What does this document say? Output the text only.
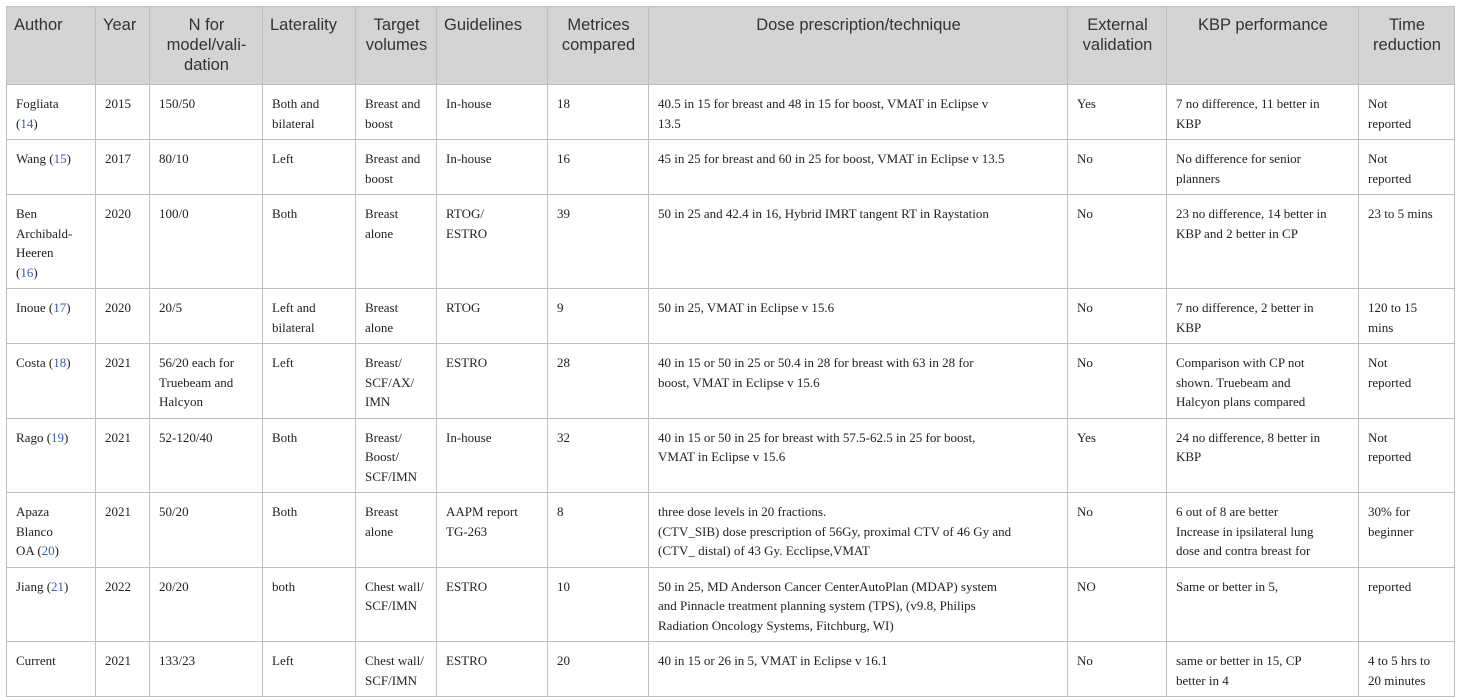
Author	Year	N for model/vali- dation	Laterality	Target volumes	Guidelines	Metrices compared	Dose prescription/technique	External validation	KBP performance	Time reduction

Fogliata
(14)	2015	150/50	Both and
bilateral	Breast and
boost	In-house	18	40.5 in 15 for breast and 48 in 15 for boost, VMAT in Eclipse v
13.5	Yes	7 no difference, 11 better in
KBP	Not
reported

Wang (15)	2017	80/10	Left	Breast and
boost	In-house	16	45 in 25 for breast and 60 in 25 for boost, VMAT in Eclipse v 13.5	No	No difference for senior
planners	Not
reported

Ben
Archibald-
Heeren
(16)	2020	100/0	Both	Breast
alone	RTOG/
ESTRO	39	50 in 25 and 42.4 in 16, Hybrid IMRT tangent RT in Raystation	No	23 no difference, 14 better in
KBP and 2 better in CP	23 to 5 mins

Inoue (17)	2020	20/5	Left and
bilateral	Breast
alone	RTOG	9	50 in 25, VMAT in Eclipse v 15.6	No	7 no difference, 2 better in
KBP	120 to 15
mins

Costa (18)	2021	56/20 each for
Truebeam and
Halcyon	Left	Breast/
SCF/AX/
IMN	ESTRO	28	40 in 15 or 50 in 25 or 50.4 in 28 for breast with 63 in 28 for
boost, VMAT in Eclipse v 15.6	No	Comparison with CP not
shown. Truebeam and
Halcyon plans compared	Not
reported

Rago (19)	2021	52-120/40	Both	Breast/
Boost/
SCF/IMN	In-house	32	40 in 15 or 50 in 25 for breast with 57.5-62.5 in 25 for boost,
VMAT in Eclipse v 15.6	Yes	24 no difference, 8 better in
KBP	Not
reported

Apaza
Blanco
OA (20)	2021	50/20	Both	Breast
alone	AAPM report
TG-263	8	three dose levels in 20 fractions.
(CTV_SIB) dose prescription of 56Gy, proximal CTV of 46 Gy and
(CTV_ distal) of 43 Gy. Ecclipse,VMAT	No	6 out of 8 are better
Increase in ipsilateral lung
dose and contra breast for	30% for
beginner

Jiang (21)	2022	20/20	both	Chest wall/
SCF/IMN	ESTRO	10	50 in 25, MD Anderson Cancer CenterAutoPlan (MDAP) system
and Pinnacle treatment planning system (TPS), (v9.8, Philips
Radiation Oncology Systems, Fitchburg, WI)	NO	Same or better in 5,	reported

Current	2021	133/23	Left	Chest wall/
SCF/IMN	ESTRO	20	40 in 15 or 26 in 5, VMAT in Eclipse v 16.1	No	same or better in 15, CP
better in 4	4 to 5 hrs to
20 minutes
